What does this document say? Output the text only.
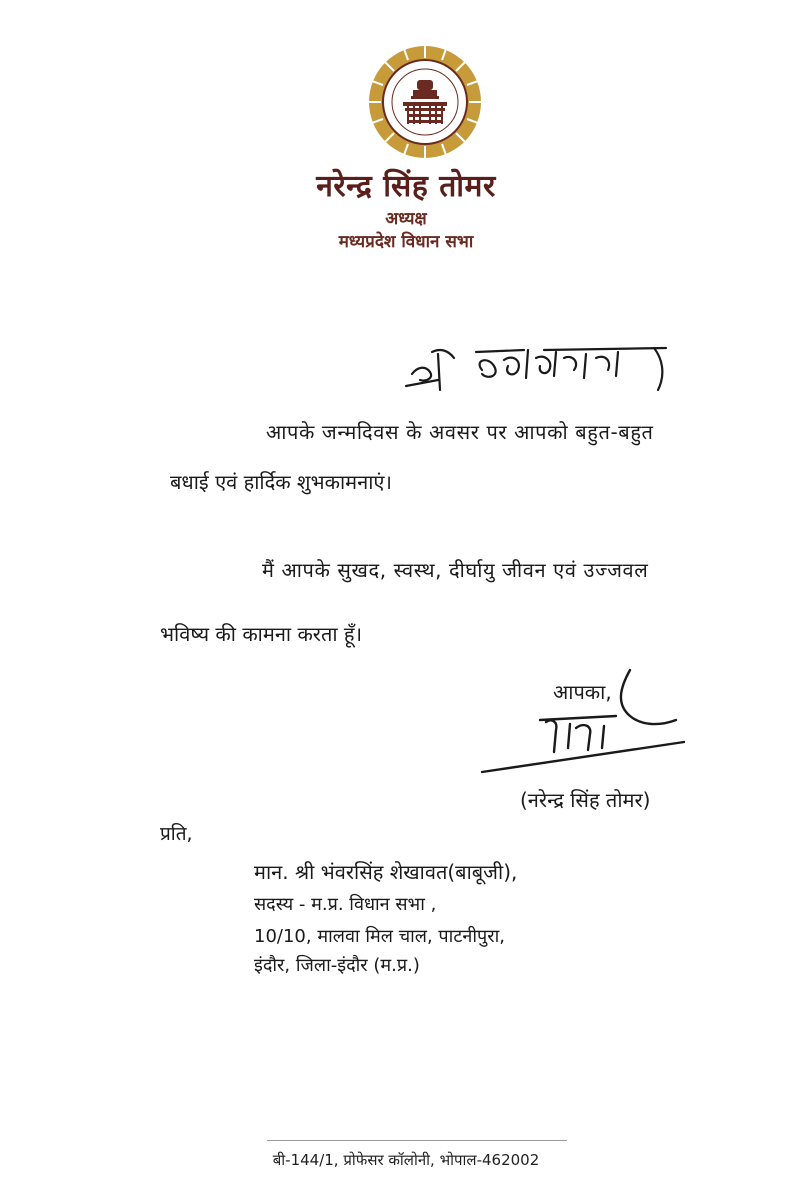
नरेन्द्र सिंह तोमर
अध्यक्ष
मध्यप्रदेश विधान सभा
आपके जन्मदिवस के अवसर पर आपको बहुत-बहुत
बधाई एवं हार्दिक शुभकामनाएं।
मैं आपके सुखद, स्वस्थ, दीर्घायु जीवन एवं उज्जवल
भविष्य की कामना करता हूँ।
आपका,
(नरेन्द्र सिंह तोमर)
प्रति,
मान. श्री भंवरसिंह शेखावत(बाबूजी),
सदस्य - म.प्र. विधान सभा ,
10/10, मालवा मिल चाल, पाटनीपुरा,
इंदौर, जिला-इंदौर (म.प्र.)
बी-144/1, प्रोफेसर कॉलोनी, भोपाल-462002
